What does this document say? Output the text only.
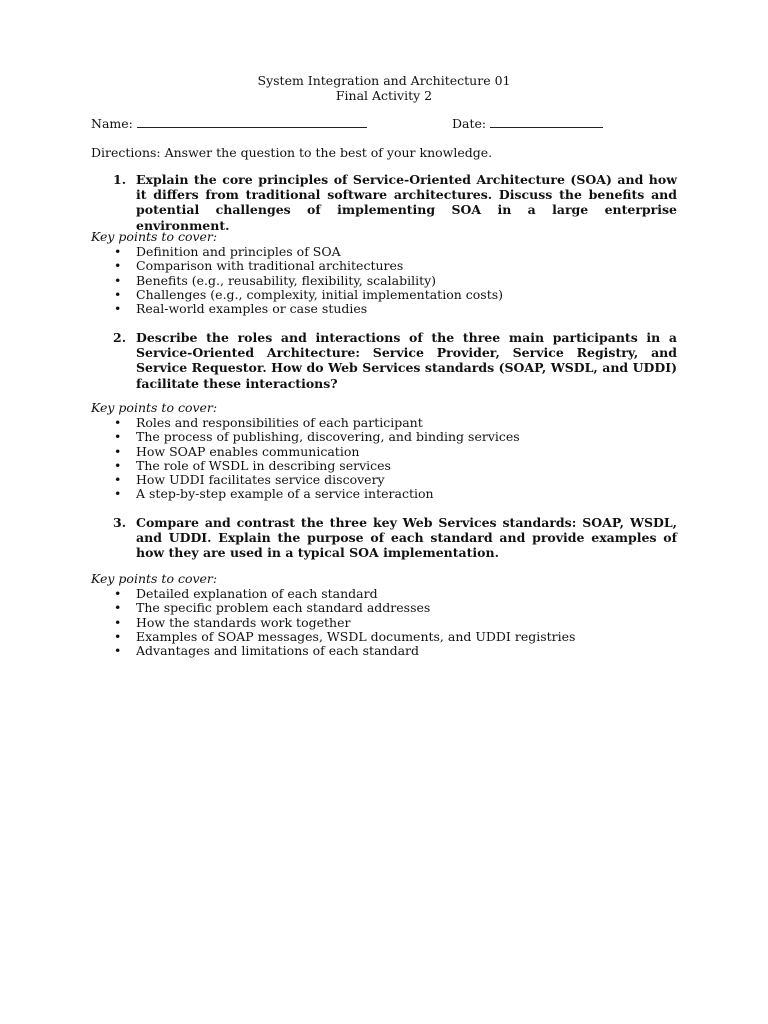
System Integration and Architecture 01
Final Activity 2
Name:	Date:
Directions: Answer the question to the best of your knowledge.
1. Explain the core principles of Service-Oriented Architecture (SOA) and how it differs from traditional software architectures. Discuss the benefits and potential challenges of implementing SOA in a large enterprise environment.
Key points to cover:
• Definition and principles of SOA
• Comparison with traditional architectures
• Benefits (e.g., reusability, flexibility, scalability)
• Challenges (e.g., complexity, initial implementation costs)
• Real-world examples or case studies
2. Describe the roles and interactions of the three main participants in a Service-Oriented Architecture: Service Provider, Service Registry, and Service Requestor. How do Web Services standards (SOAP, WSDL, and UDDI) facilitate these interactions?
Key points to cover:
• Roles and responsibilities of each participant
• The process of publishing, discovering, and binding services
• How SOAP enables communication
• The role of WSDL in describing services
• How UDDI facilitates service discovery
• A step-by-step example of a service interaction
3. Compare and contrast the three key Web Services standards: SOAP, WSDL, and UDDI. Explain the purpose of each standard and provide examples of how they are used in a typical SOA implementation.
Key points to cover:
• Detailed explanation of each standard
• The specific problem each standard addresses
• How the standards work together
• Examples of SOAP messages, WSDL documents, and UDDI registries
• Advantages and limitations of each standard
